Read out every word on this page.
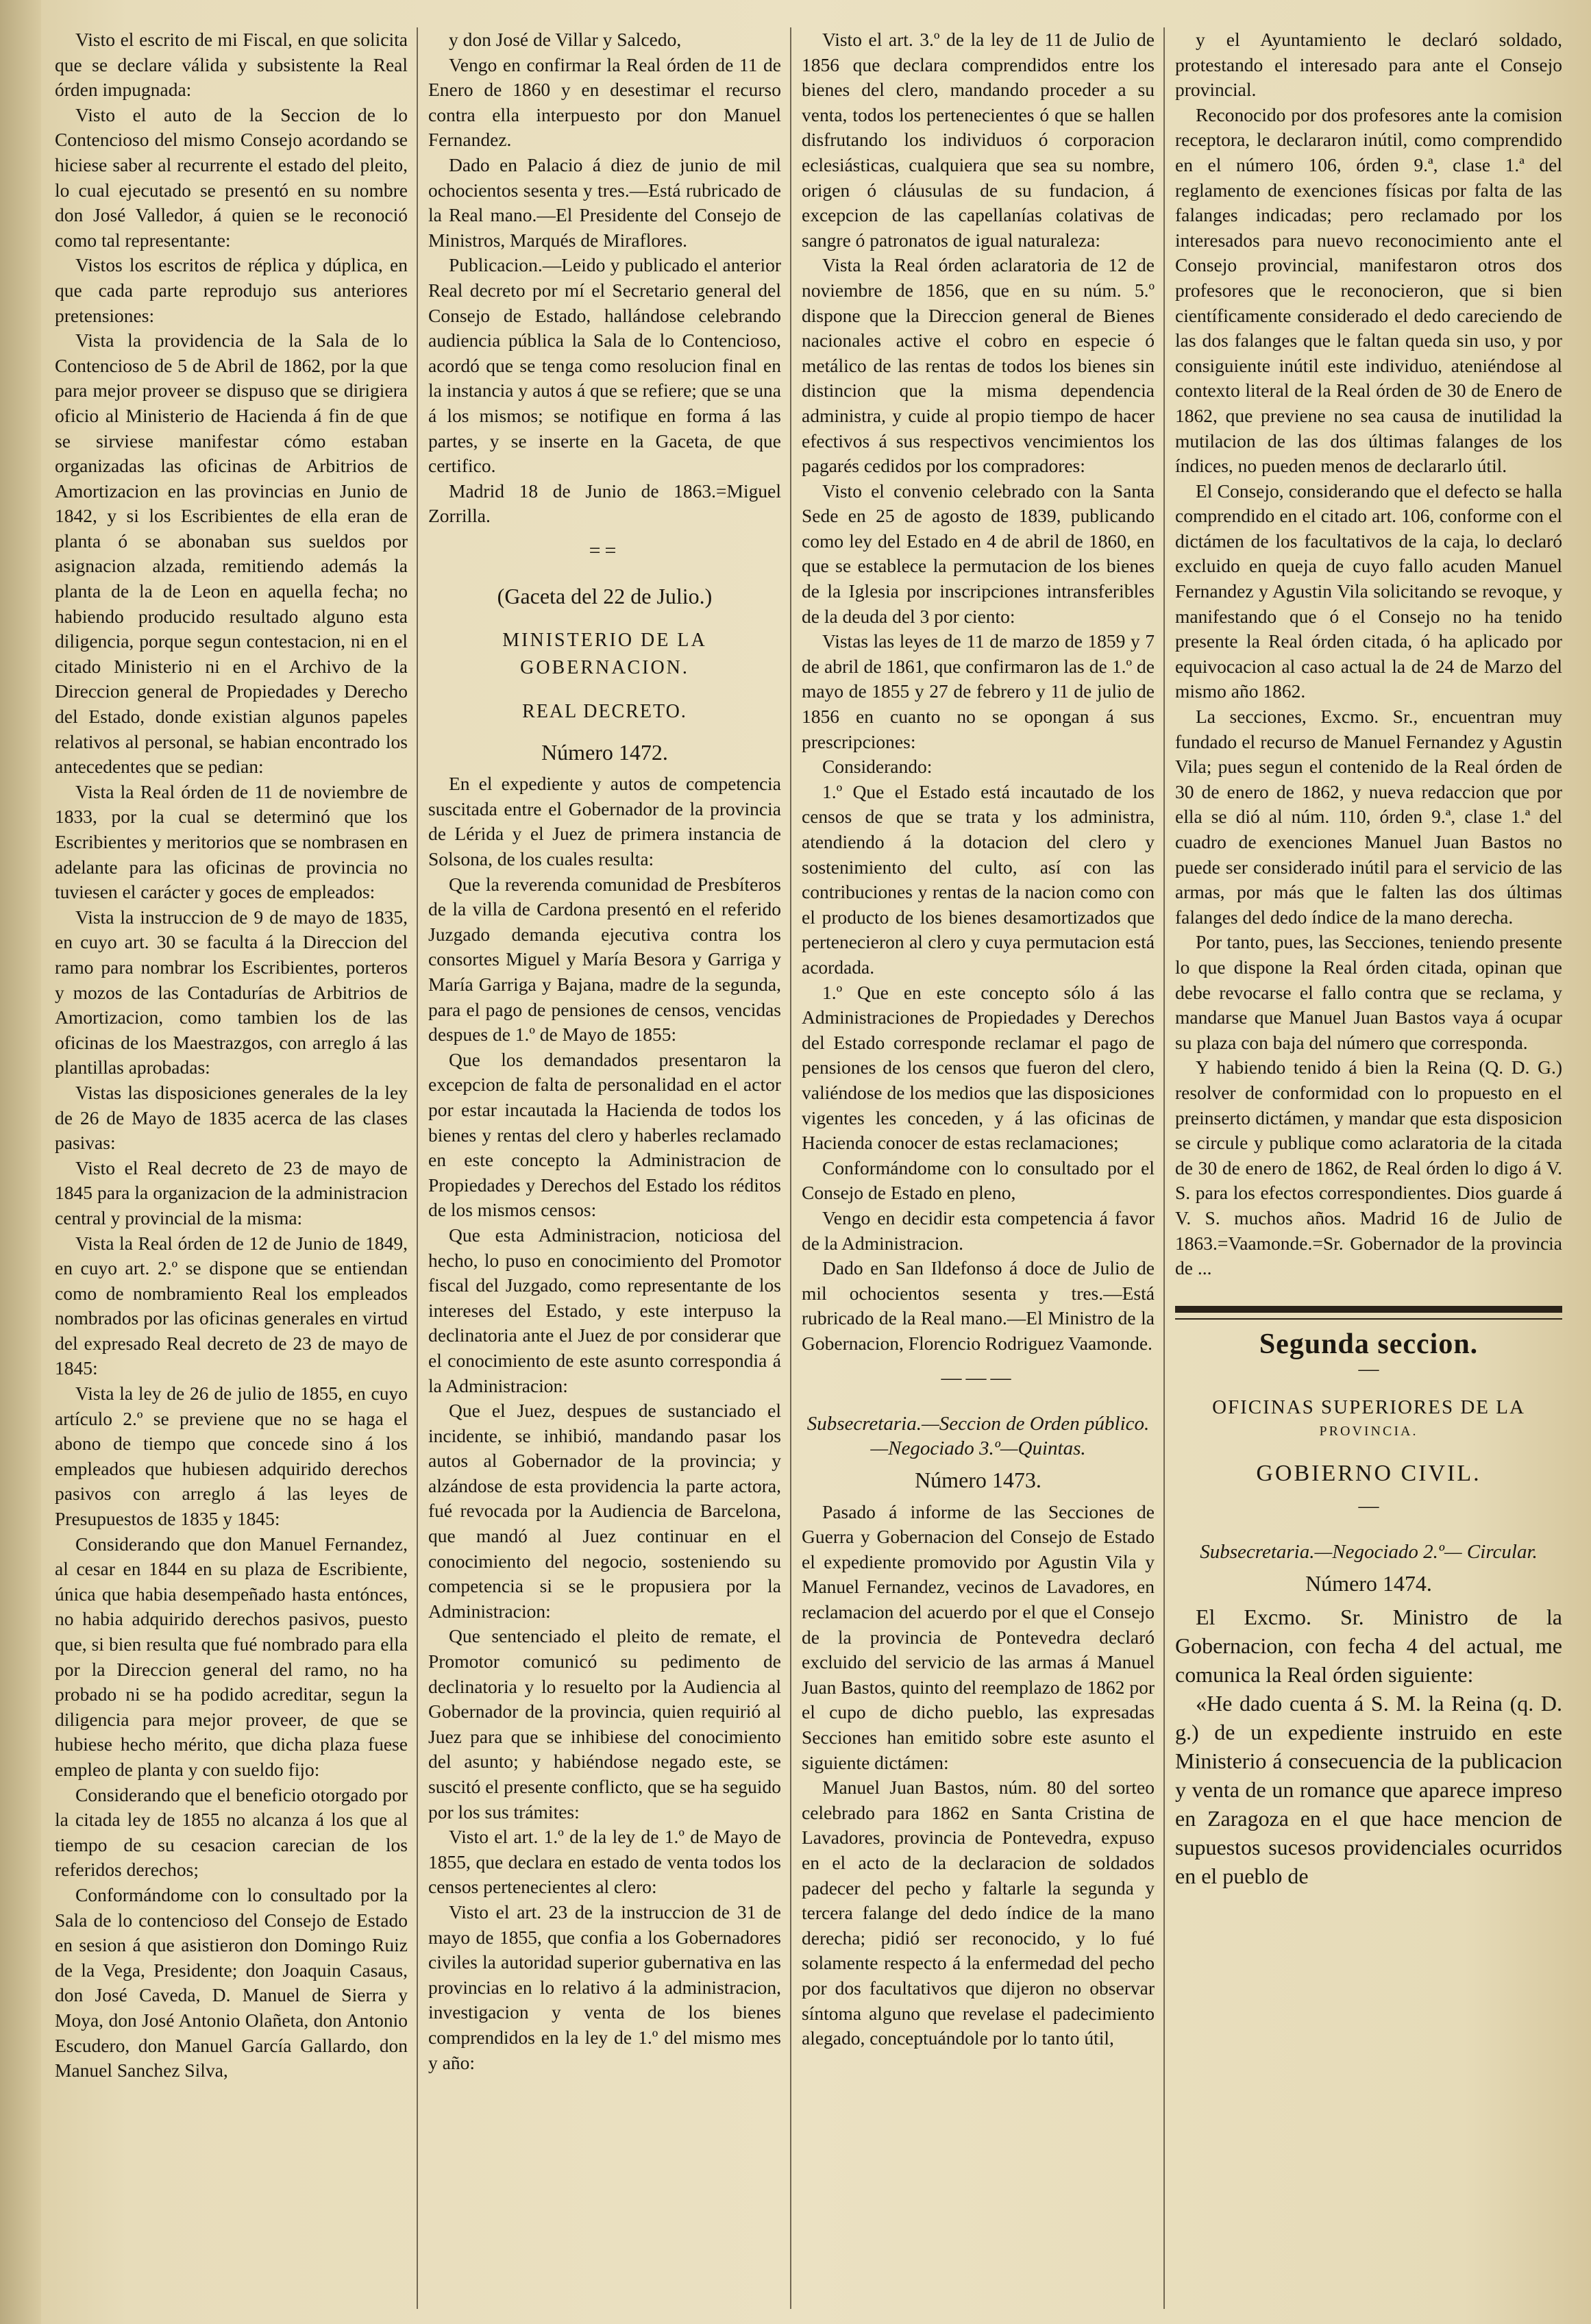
Visto el escrito de mi Fiscal, en que solicita que se declare válida y subsistente la Real órden impugnada:

Visto el auto de la Seccion de lo Contencioso del mismo Consejo acordando se hiciese saber al recurrente el estado del pleito, lo cual ejecutado se presentó en su nombre don José Valledor, á quien se le reconoció como tal representante:

Vistos los escritos de réplica y dúplica, en que cada parte reprodujo sus anteriores pretensiones:

Vista la providencia de la Sala de lo Contencioso de 5 de Abril de 1862, por la que para mejor proveer se dispuso que se dirigiera oficio al Ministerio de Hacienda á fin de que se sirviese manifestar cómo estaban organizadas las oficinas de Arbitrios de Amortizacion en las provincias en Junio de 1842, y si los Escribientes de ella eran de planta ó se abonaban sus sueldos por asignacion alzada, remitiendo además la planta de la de Leon en aquella fecha; no habiendo producido resultado alguno esta diligencia, porque segun contestacion, ni en el citado Ministerio ni en el Archivo de la Direccion general de Propiedades y Derecho del Estado, donde existian algunos papeles relativos al personal, se habian encontrado los antecedentes que se pedian:

Vista la Real órden de 11 de noviembre de 1833, por la cual se determinó que los Escribientes y meritorios que se nombrasen en adelante para las oficinas de provincia no tuviesen el carácter y goces de empleados:

Vista la instruccion de 9 de mayo de 1835, en cuyo art. 30 se faculta á la Direccion del ramo para nombrar los Escribientes, porteros y mozos de las Contadurías de Arbitrios de Amortizacion, como tambien los de las oficinas de los Maestrazgos, con arreglo á las plantillas aprobadas:

Vistas las disposiciones generales de la ley de 26 de Mayo de 1835 acerca de las clases pasivas:

Visto el Real decreto de 23 de mayo de 1845 para la organizacion de la administracion central y provincial de la misma:

Vista la Real órden de 12 de Junio de 1849, en cuyo art. 2.º se dispone que se entiendan como de nombramiento Real los empleados nombrados por las oficinas generales en virtud del expresado Real decreto de 23 de mayo de 1845:

Vista la ley de 26 de julio de 1855, en cuyo artículo 2.º se previene que no se haga el abono de tiempo que concede sino á los empleados que hubiesen adquirido derechos pasivos con arreglo á las leyes de Presupuestos de 1835 y 1845:

Considerando que don Manuel Fernandez, al cesar en 1844 en su plaza de Escribiente, única que habia desempeñado hasta entónces, no habia adquirido derechos pasivos, puesto que, si bien resulta que fué nombrado para ella por la Direccion general del ramo, no ha probado ni se ha podido acreditar, segun la diligencia para mejor proveer, de que se hubiese hecho mérito, que dicha plaza fuese empleo de planta y con sueldo fijo:

Considerando que el beneficio otorgado por la citada ley de 1855 no alcanza á los que al tiempo de su cesacion carecian de los referidos derechos;

Conformándome con lo consultado por la Sala de lo contencioso del Consejo de Estado en sesion á que asistieron don Domingo Ruiz de la Vega, Presidente; don Joaquin Casaus, don José Caveda, D. Manuel de Sierra y Moya, don José Antonio Olañeta, don Antonio Escudero, don Manuel García Gallardo, don Manuel Sanchez Silva,

y don José de Villar y Salcedo,

Vengo en confirmar la Real órden de 11 de Enero de 1860 y en desestimar el recurso contra ella interpuesto por don Manuel Fernandez.

Dado en Palacio á diez de junio de mil ochocientos sesenta y tres.—Está rubricado de la Real mano.—El Presidente del Consejo de Ministros, Marqués de Miraflores.

Publicacion.—Leido y publicado el anterior Real decreto por mí el Secretario general del Consejo de Estado, hallándose celebrando audiencia pública la Sala de lo Contencioso, acordó que se tenga como resolucion final en la instancia y autos á que se refiere; que se una á los mismos; se notifique en forma á las partes, y se inserte en la Gaceta, de que certifico.

Madrid 18 de Junio de 1863.=Miguel Zorrilla.

==

(Gaceta del 22 de Julio.)

MINISTERIO DE LA GOBERNACION.

REAL DECRETO.

Número 1472.

En el expediente y autos de competencia suscitada entre el Gobernador de la provincia de Lérida y el Juez de primera instancia de Solsona, de los cuales resulta:

Que la reverenda comunidad de Presbíteros de la villa de Cardona presentó en el referido Juzgado demanda ejecutiva contra los consortes Miguel y María Besora y Garriga y María Garriga y Bajana, madre de la segunda, para el pago de pensiones de censos, vencidas despues de 1.º de Mayo de 1855:

Que los demandados presentaron la excepcion de falta de personalidad en el actor por estar incautada la Hacienda de todos los bienes y rentas del clero y haberles reclamado en este concepto la Administracion de Propiedades y Derechos del Estado los réditos de los mismos censos:

Que esta Administracion, noticiosa del hecho, lo puso en conocimiento del Promotor fiscal del Juzgado, como representante de los intereses del Estado, y este interpuso la declinatoria ante el Juez de por considerar que el conocimiento de este asunto correspondia á la Administracion:

Que el Juez, despues de sustanciado el incidente, se inhibió, mandando pasar los autos al Gobernador de la provincia; y alzándose de esta providencia la parte actora, fué revocada por la Audiencia de Barcelona, que mandó al Juez continuar en el conocimiento del negocio, sosteniendo su competencia si se le propusiera por la Administracion:

Que sentenciado el pleito de remate, el Promotor comunicó su pedimento de declinatoria y lo resuelto por la Audiencia al Gobernador de la provincia, quien requirió al Juez para que se inhibiese del conocimiento del asunto; y habiéndose negado este, se suscitó el presente conflicto, que se ha seguido por los sus trámites:

Visto el art. 1.º de la ley de 1.º de Mayo de 1855, que declara en estado de venta todos los censos pertenecientes al clero:

Visto el art. 23 de la instruccion de 31 de mayo de 1855, que confia a los Gobernadores civiles la autoridad superior gubernativa en las provincias en lo relativo á la administracion, investigacion y venta de los bienes comprendidos en la ley de 1.º del mismo mes y año:

Visto el art. 3.º de la ley de 11 de Julio de 1856 que declara comprendidos entre los bienes del clero, mandando proceder a su venta, todos los pertenecientes ó que se hallen disfrutando los individuos ó corporacion eclesiásticas, cualquiera que sea su nombre, origen ó cláusulas de su fundacion, á excepcion de las capellanías colativas de sangre ó patronatos de igual naturaleza:

Vista la Real órden aclaratoria de 12 de noviembre de 1856, que en su núm. 5.º dispone que la Direccion general de Bienes nacionales active el cobro en especie ó metálico de las rentas de todos los bienes sin distincion que la misma dependencia administra, y cuide al propio tiempo de hacer efectivos á sus respectivos vencimientos los pagarés cedidos por los compradores:

Visto el convenio celebrado con la Santa Sede en 25 de agosto de 1839, publicando como ley del Estado en 4 de abril de 1860, en que se establece la permutacion de los bienes de la Iglesia por inscripciones intransferibles de la deuda del 3 por ciento:

Vistas las leyes de 11 de marzo de 1859 y 7 de abril de 1861, que confirmaron las de 1.º de mayo de 1855 y 27 de febrero y 11 de julio de 1856 en cuanto no se opongan á sus prescripciones:

Considerando:

1.º Que el Estado está incautado de los censos de que se trata y los administra, atendiendo á la dotacion del clero y sostenimiento del culto, así con las contribuciones y rentas de la nacion como con el producto de los bienes desamortizados que pertenecieron al clero y cuya permutacion está acordada.

1.º Que en este concepto sólo á las Administraciones de Propiedades y Derechos del Estado corresponde reclamar el pago de pensiones de los censos que fueron del clero, valiéndose de los medios que las disposiciones vigentes les conceden, y á las oficinas de Hacienda conocer de estas reclamaciones;

Conformándome con lo consultado por el Consejo de Estado en pleno,

Vengo en decidir esta competencia á favor de la Administracion.

Dado en San Ildefonso á doce de Julio de mil ochocientos sesenta y tres.—Está rubricado de la Real mano.—El Ministro de la Gobernacion, Florencio Rodriguez Vaamonde.

———

Subsecretaria.—Seccion de Orden público.—Negociado 3.º—Quintas.

Número 1473.

Pasado á informe de las Secciones de Guerra y Gobernacion del Consejo de Estado el expediente promovido por Agustin Vila y Manuel Fernandez, vecinos de Lavadores, en reclamacion del acuerdo por el que el Consejo de la provincia de Pontevedra declaró excluido del servicio de las armas á Manuel Juan Bastos, quinto del reemplazo de 1862 por el cupo de dicho pueblo, las expresadas Secciones han emitido sobre este asunto el siguiente dictámen:

Manuel Juan Bastos, núm. 80 del sorteo celebrado para 1862 en Santa Cristina de Lavadores, provincia de Pontevedra, expuso en el acto de la declaracion de soldados padecer del pecho y faltarle la segunda y tercera falange del dedo índice de la mano derecha; pidió ser reconocido, y lo fué solamente respecto á la enfermedad del pecho por dos facultativos que dijeron no observar síntoma alguno que revelase el padecimiento alegado, conceptuándole por lo tanto útil,

y el Ayuntamiento le declaró soldado, protestando el interesado para ante el Consejo provincial.

Reconocido por dos profesores ante la comision receptora, le declararon inútil, como comprendido en el número 106, órden 9.ª, clase 1.ª del reglamento de exenciones físicas por falta de las falanges indicadas; pero reclamado por los interesados para nuevo reconocimiento ante el Consejo provincial, manifestaron otros dos profesores que le reconocieron, que si bien científicamente considerado el dedo careciendo de las dos falanges que le faltan queda sin uso, y por consiguiente inútil este individuo, ateniéndose al contexto literal de la Real órden de 30 de Enero de 1862, que previene no sea causa de inutilidad la mutilacion de las dos últimas falanges de los índices, no pueden menos de declararlo útil.

El Consejo, considerando que el defecto se halla comprendido en el citado art. 106, conforme con el dictámen de los facultativos de la caja, lo declaró excluido en queja de cuyo fallo acuden Manuel Fernandez y Agustin Vila solicitando se revoque, y manifestando que ó el Consejo no ha tenido presente la Real órden citada, ó ha aplicado por equivocacion al caso actual la de 24 de Marzo del mismo año 1862.

La secciones, Excmo. Sr., encuentran muy fundado el recurso de Manuel Fernandez y Agustin Vila; pues segun el contenido de la Real órden de 30 de enero de 1862, y nueva redaccion que por ella se dió al núm. 110, órden 9.ª, clase 1.ª del cuadro de exenciones Manuel Juan Bastos no puede ser considerado inútil para el servicio de las armas, por más que le falten las dos últimas falanges del dedo índice de la mano derecha.

Por tanto, pues, las Secciones, teniendo presente lo que dispone la Real órden citada, opinan que debe revocarse el fallo contra que se reclama, y mandarse que Manuel Juan Bastos vaya á ocupar su plaza con baja del número que corresponda.

Y habiendo tenido á bien la Reina (Q. D. G.) resolver de conformidad con lo propuesto en el preinserto dictámen, y mandar que esta disposicion se circule y publique como aclaratoria de la citada de 30 de enero de 1862, de Real órden lo digo á V. S. para los efectos correspondientes. Dios guarde á V. S. muchos años. Madrid 16 de Julio de 1863.=Vaamonde.=Sr. Gobernador de la provincia de ...

Segunda seccion.

—

OFICINAS SUPERIORES DE LA

PROVINCIA.

GOBIERNO CIVIL.

—

Subsecretaria.—Negociado 2.º— Circular.

Número 1474.

El Excmo. Sr. Ministro de la Gobernacion, con fecha 4 del actual, me comunica la Real órden siguiente:

«He dado cuenta á S. M. la Reina (q. D. g.) de un expediente instruido en este Ministerio á consecuencia de la publicacion y venta de un romance que aparece impreso en Zaragoza en el que hace mencion de supuestos sucesos providenciales ocurridos en el pueblo de
